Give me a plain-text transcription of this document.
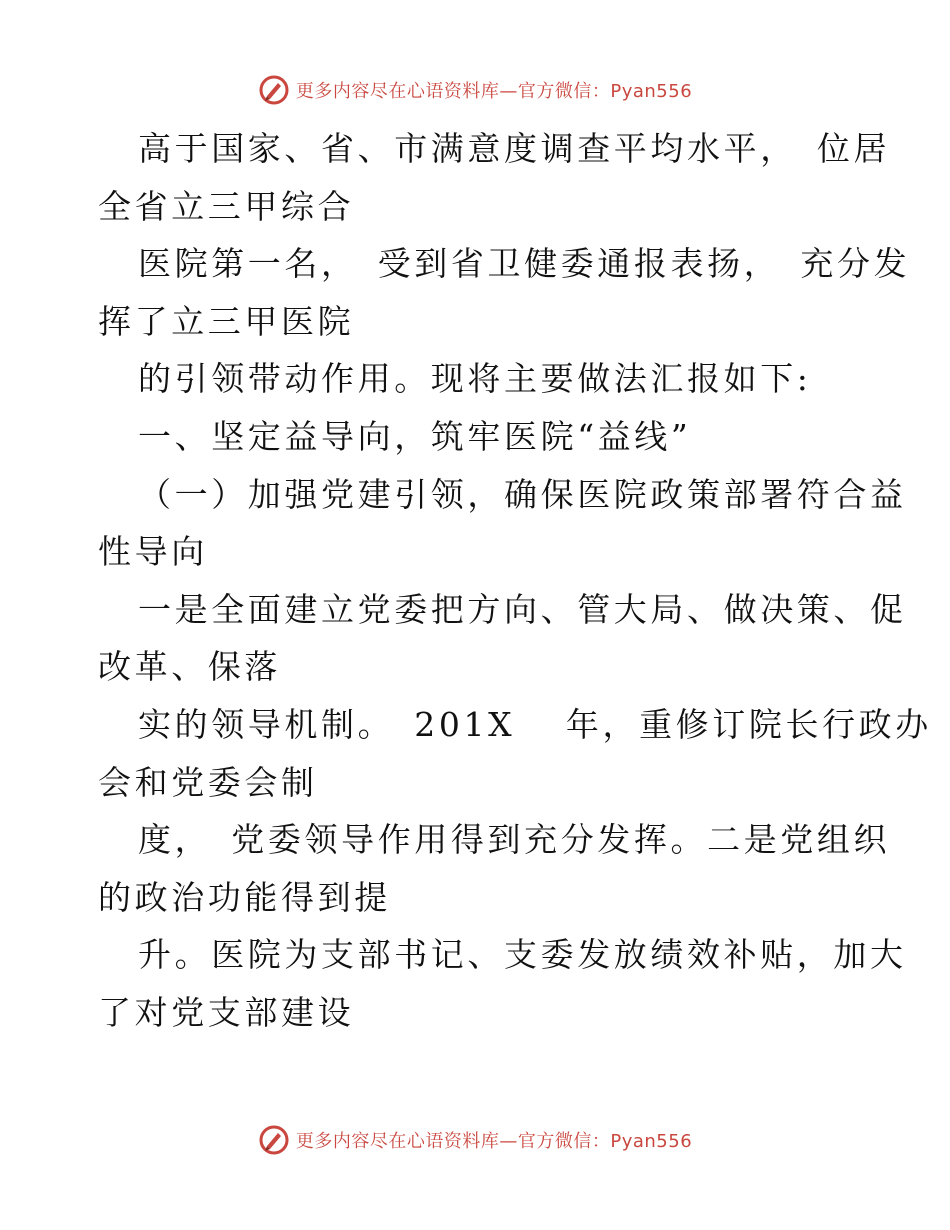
更多内容尽在心语资料库—官方微信：Pyan556
高于国家、省、市满意度调查平均水平，　位居
全省立三甲综合
医院第一名，　受到省卫健委通报表扬，　充分发
挥了立三甲医院
的引领带动作用。现将主要做法汇报如下:
一、坚定益导向，筑牢医院“益线”
（一）加强党建引领，确保医院政策部署符合益
性导向
一是全面建立党委把方向、管大局、做决策、促
改革、保落
实的领导机制。　201X　 年，重修订院长行政办
会和党委会制
度，　党委领导作用得到充分发挥。二是党组织
的政治功能得到提
升。医院为支部书记、支委发放绩效补贴，加大
了对党支部建设
更多内容尽在心语资料库—官方微信：Pyan556
